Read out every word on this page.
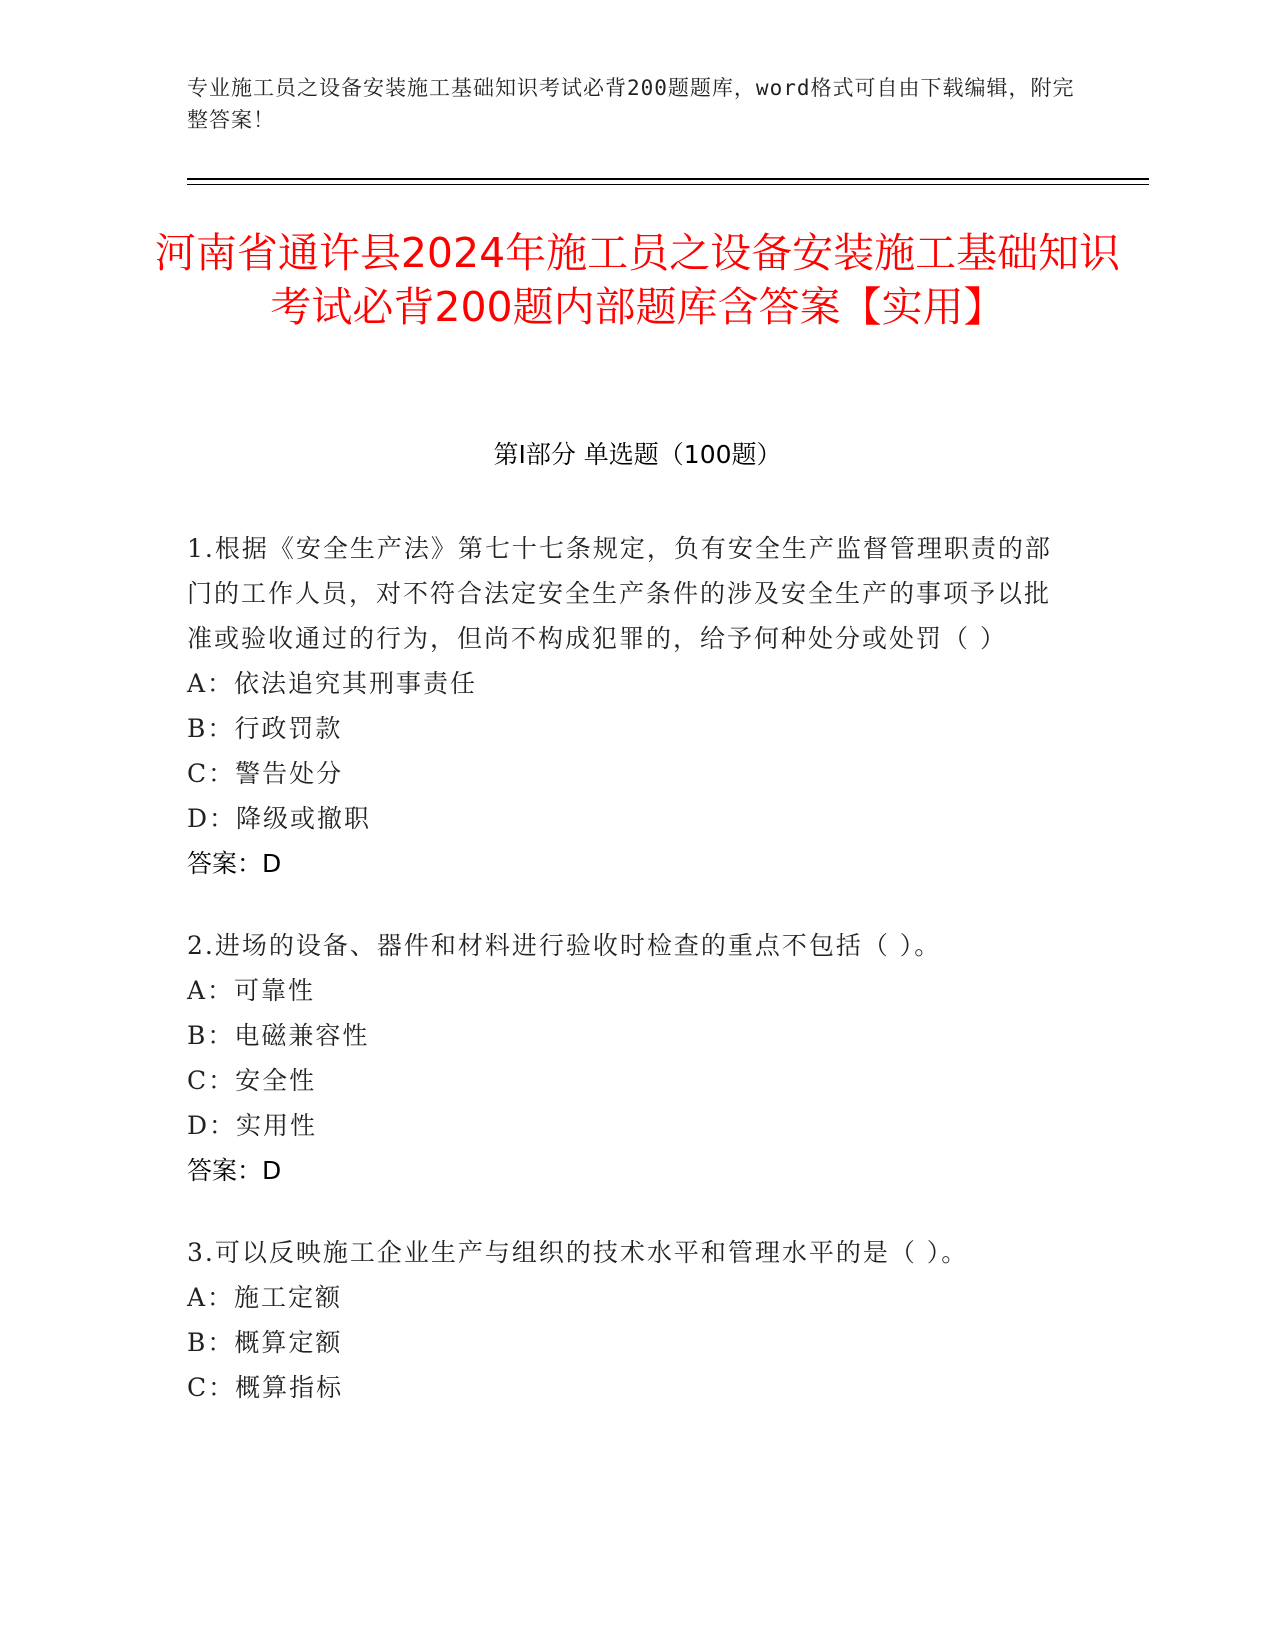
专业施工员之设备安装施工基础知识考试必背200题题库，word格式可自由下载编辑，附完整答案！
河南省通许县2024年施工员之设备安装施工基础知识考试必背200题内部题库含答案【实用】
第I部分 单选题（100题）
1.根据《安全生产法》第七十七条规定，负有安全生产监督管理职责的部门的工作人员，对不符合法定安全生产条件的涉及安全生产的事项予以批准或验收通过的行为，但尚不构成犯罪的，给予何种处分或处罚（ ）
A：依法追究其刑事责任
B：行政罚款
C：警告处分
D：降级或撤职
答案：D
2.进场的设备、器件和材料进行验收时检查的重点不包括（ ）。
A：可靠性
B：电磁兼容性
C：安全性
D：实用性
答案：D
3.可以反映施工企业生产与组织的技术水平和管理水平的是（ ）。
A：施工定额
B：概算定额
C：概算指标
